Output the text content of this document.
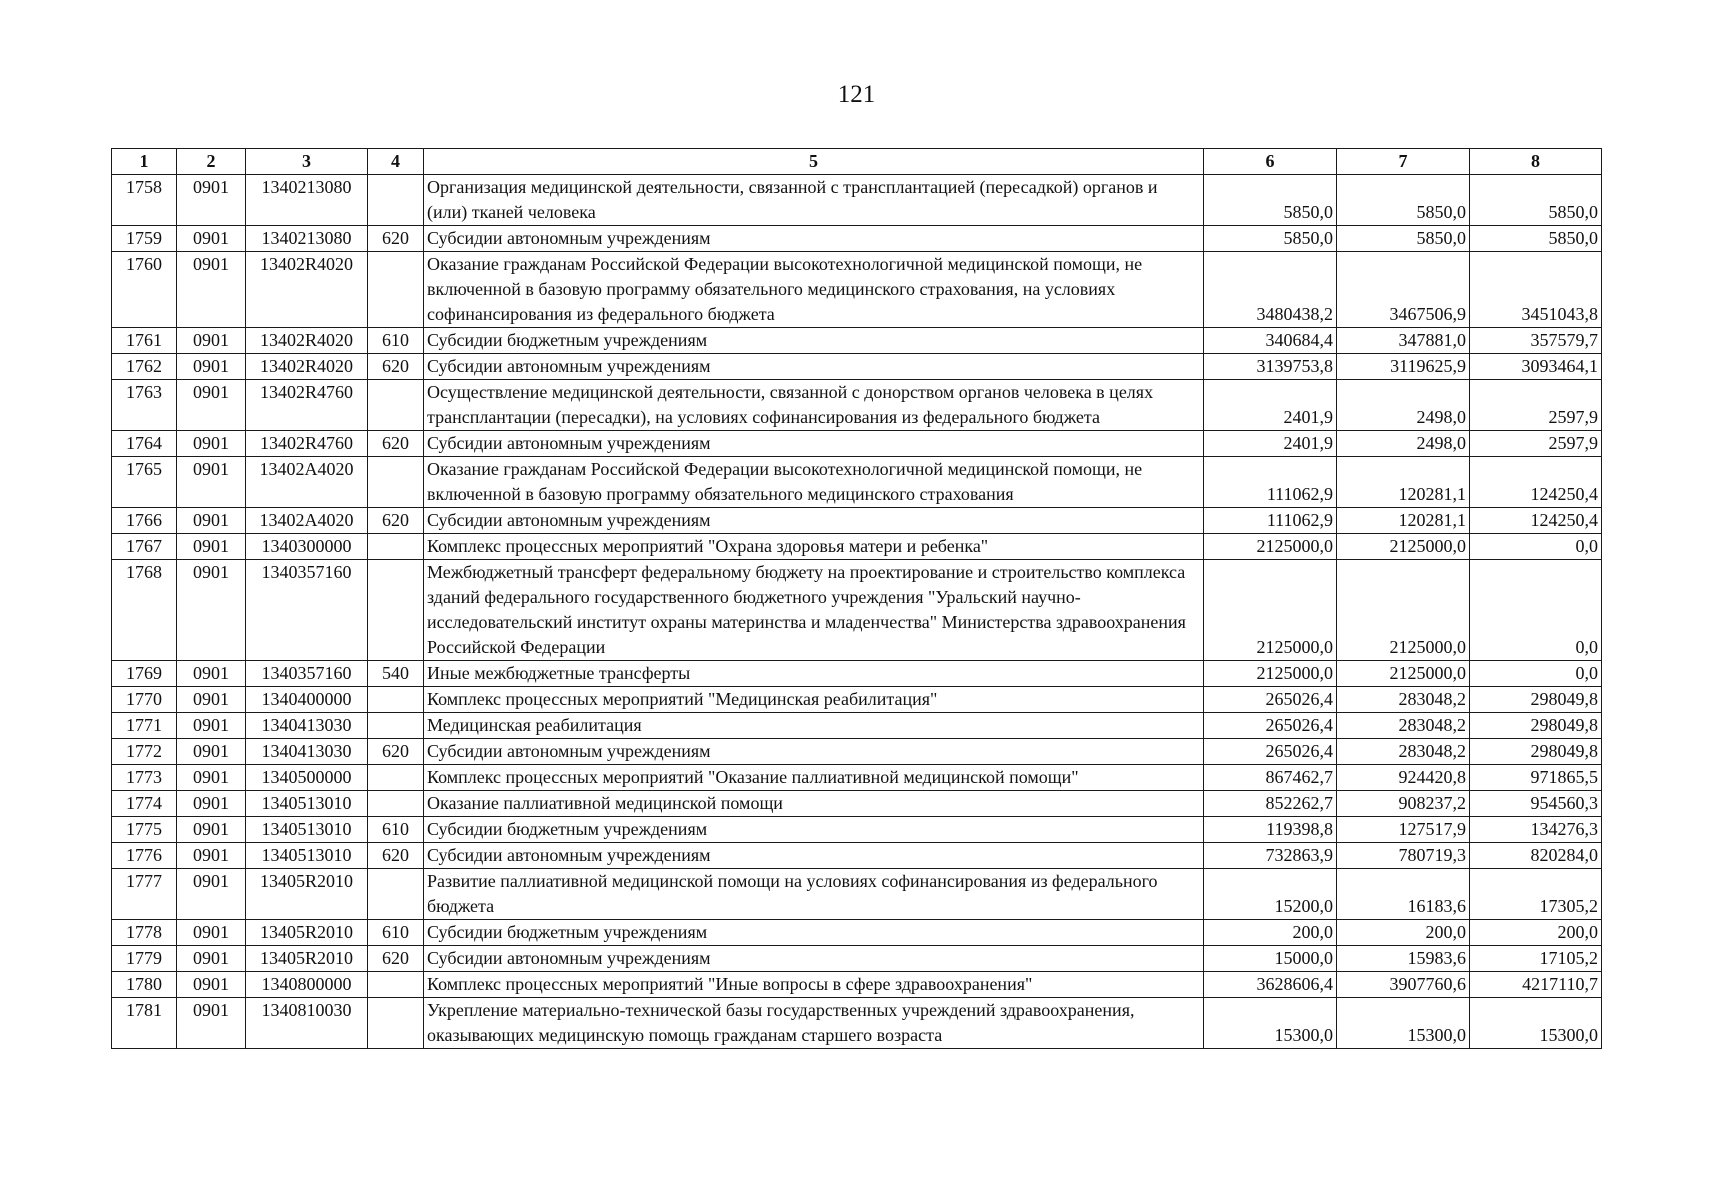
121
1	2	3	4	5	6	7	8
1758	0901	1340213080		Организация медицинской деятельности, связанной с трансплантацией (пересадкой) органов и (или) тканей человека	5850,0	5850,0	5850,0
1759	0901	1340213080	620	Субсидии автономным учреждениям	5850,0	5850,0	5850,0
1760	0901	13402R4020		Оказание гражданам Российской Федерации высокотехнологичной медицинской помощи, не включенной в базовую программу обязательного медицинского страхования, на условиях софинансирования из федерального бюджета	3480438,2	3467506,9	3451043,8
1761	0901	13402R4020	610	Субсидии бюджетным учреждениям	340684,4	347881,0	357579,7
1762	0901	13402R4020	620	Субсидии автономным учреждениям	3139753,8	3119625,9	3093464,1
1763	0901	13402R4760		Осуществление медицинской деятельности, связанной с донорством органов человека в целях трансплантации (пересадки), на условиях софинансирования из федерального бюджета	2401,9	2498,0	2597,9
1764	0901	13402R4760	620	Субсидии автономным учреждениям	2401,9	2498,0	2597,9
1765	0901	13402A4020		Оказание гражданам Российской Федерации высокотехнологичной медицинской помощи, не включенной в базовую программу обязательного медицинского страхования	111062,9	120281,1	124250,4
1766	0901	13402A4020	620	Субсидии автономным учреждениям	111062,9	120281,1	124250,4
1767	0901	1340300000		Комплекс процессных мероприятий "Охрана здоровья матери и ребенка"	2125000,0	2125000,0	0,0
1768	0901	1340357160		Межбюджетный трансферт федеральному бюджету на проектирование и строительство комплекса зданий федерального государственного бюджетного учреждения "Уральский научно-исследовательский институт охраны материнства и младенчества" Министерства здравоохранения Российской Федерации	2125000,0	2125000,0	0,0
1769	0901	1340357160	540	Иные межбюджетные трансферты	2125000,0	2125000,0	0,0
1770	0901	1340400000		Комплекс процессных мероприятий "Медицинская реабилитация"	265026,4	283048,2	298049,8
1771	0901	1340413030		Медицинская реабилитация	265026,4	283048,2	298049,8
1772	0901	1340413030	620	Субсидии автономным учреждениям	265026,4	283048,2	298049,8
1773	0901	1340500000		Комплекс процессных мероприятий "Оказание паллиативной медицинской помощи"	867462,7	924420,8	971865,5
1774	0901	1340513010		Оказание паллиативной медицинской помощи	852262,7	908237,2	954560,3
1775	0901	1340513010	610	Субсидии бюджетным учреждениям	119398,8	127517,9	134276,3
1776	0901	1340513010	620	Субсидии автономным учреждениям	732863,9	780719,3	820284,0
1777	0901	13405R2010		Развитие паллиативной медицинской помощи на условиях софинансирования из федерального бюджета	15200,0	16183,6	17305,2
1778	0901	13405R2010	610	Субсидии бюджетным учреждениям	200,0	200,0	200,0
1779	0901	13405R2010	620	Субсидии автономным учреждениям	15000,0	15983,6	17105,2
1780	0901	1340800000		Комплекс процессных мероприятий "Иные вопросы в сфере здравоохранения"	3628606,4	3907760,6	4217110,7
1781	0901	1340810030		Укрепление материально-технической базы государственных учреждений здравоохранения, оказывающих медицинскую помощь гражданам старшего возраста	15300,0	15300,0	15300,0
